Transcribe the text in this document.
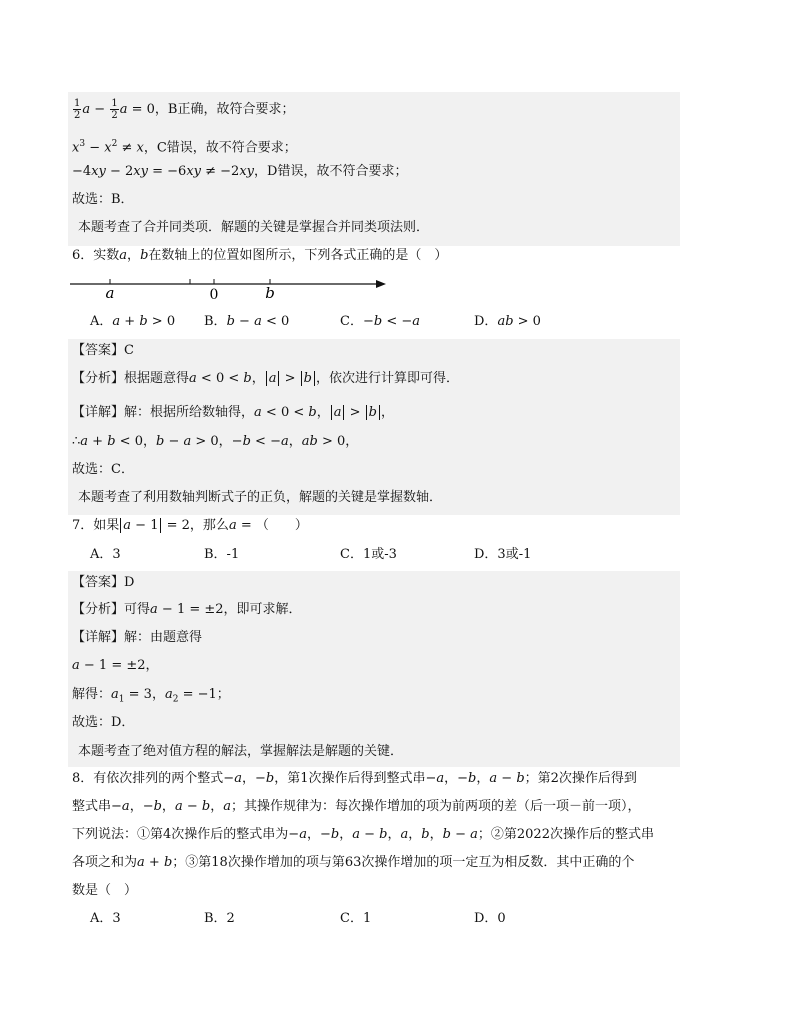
$\frac{1}{2}$ $a - \frac{1}{2}$ a = 0，B正确，故符合要求；
$x^3 - x^2 \ne x$，C错误，故不符合要求；
−4xy − 2xy = −6xy ≠ −2xy，D错误，故不符合要求；
故选：B．
本题考查了合并同类项．解题的关键是掌握合并同类项法则．
6．实数a，b在数轴上的位置如图所示，下列各式正确的是（　）
a	0	b
A．a + b > 0 B．b − a < 0	C．−b < −a	D．ab > 0
【答案】C
【分析】根据题意得a < 0 < b， a > b ，依次进行计算即可得．
【详解】解：根据所给数轴得，a < 0 < b， a > b ，
∴a + b < 0，b − a > 0，−b < −a，ab > 0，
故选：C．
本题考查了利用数轴判断式子的正负，解题的关键是掌握数轴．
7．如果 a − 1 = 2，那么a = （　　）
A．3	B．-1	C．1或-3	D．3或-1
【答案】D
【分析】可得a − 1 = ±2，即可求解．
【详解】解：由题意得
a − 1 = ±2，
解得：$a_1 = 3$，$a_2 = -1$；
故选：D．
本题考查了绝对值方程的解法，掌握解法是解题的关键．
8．有依次排列的两个整式−a，−b，第1次操作后得到整式串−a，−b，a − b；第2次操作后得到
整式串−a，−b，a − b，a；其操作规律为：每次操作增加的项为前两项的差（后一项－前一项），
下列说法：①第4次操作后的整式串为−a，−b，a − b，a，b，b − a；②第2022次操作后的整式串
各项之和为a + b；③第18次操作增加的项与第63次操作增加的项一定互为相反数．其中正确的个
数是（　）
A．3	B．2	C．1	D．0
